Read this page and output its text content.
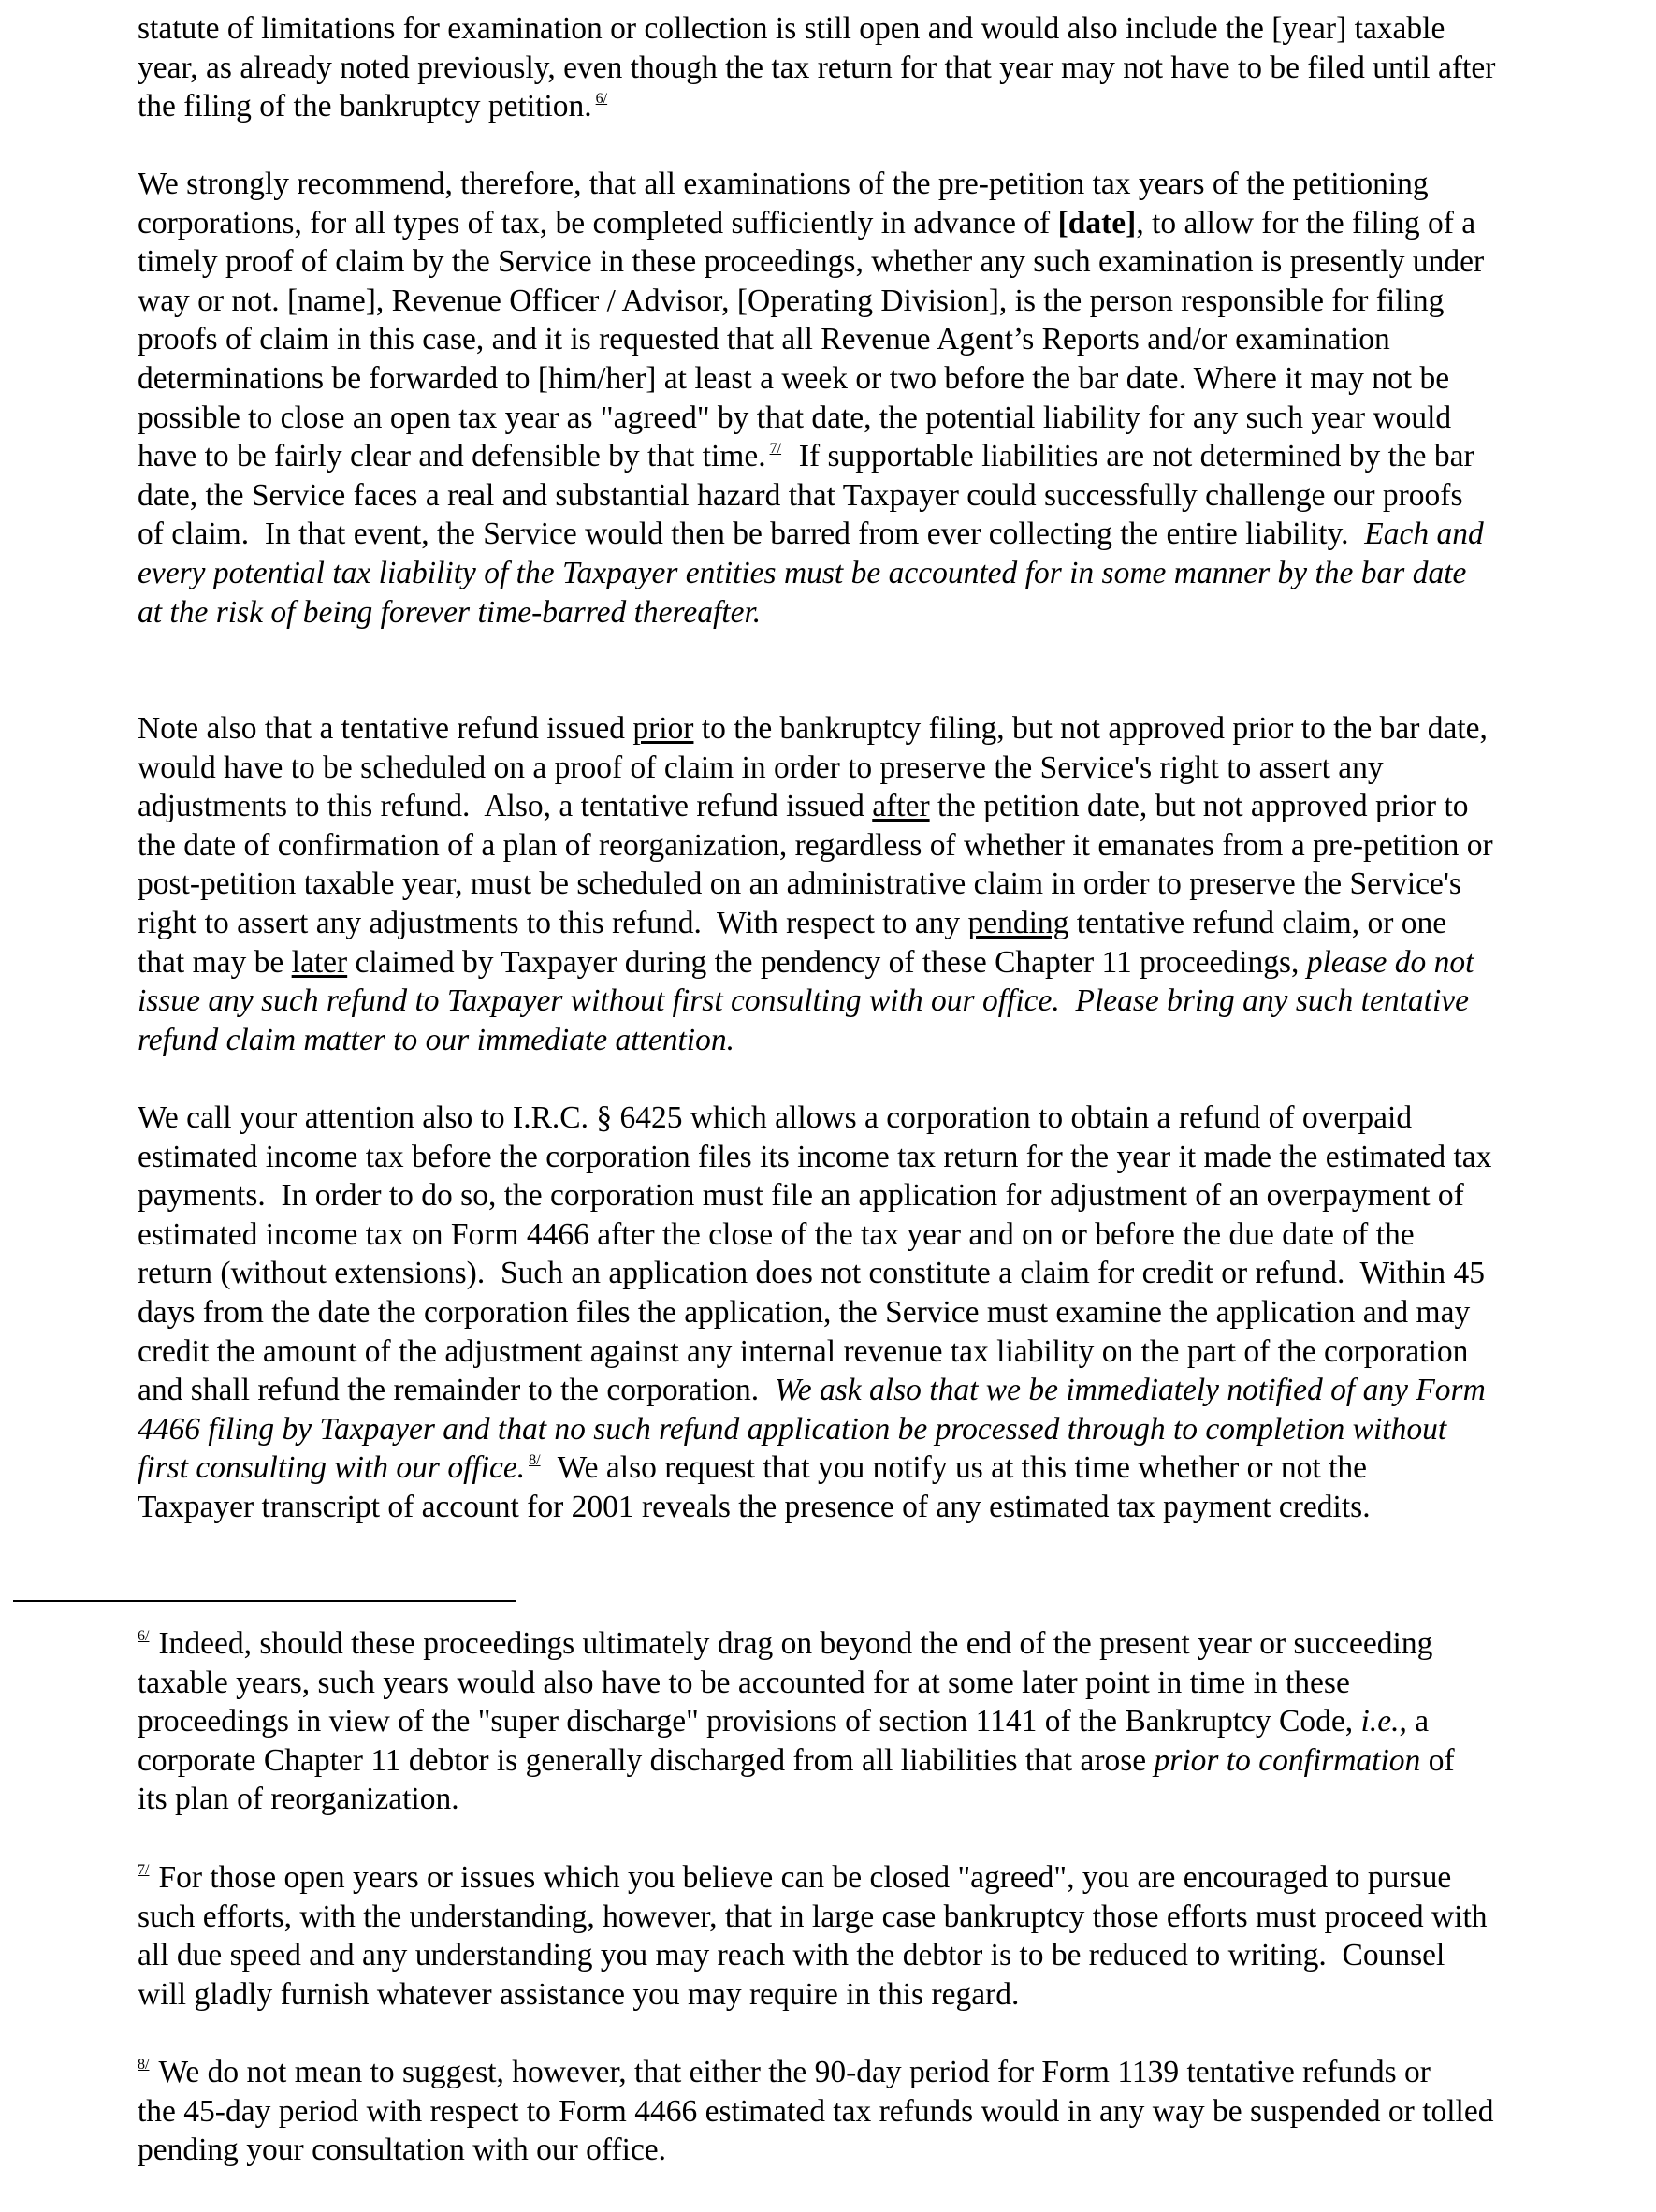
statute of limitations for examination or collection is still open and would also include the [year] taxable
year, as already noted previously, even though the tax return for that year may not have to be filed until after
the filing of the bankruptcy petition. $^{6/}$
We strongly recommend, therefore, that all examinations of the pre-petition tax years of the petitioning
corporations, for all types of tax, be completed sufficiently in advance of [date], to allow for the filing of a
timely proof of claim by the Service in these proceedings, whether any such examination is presently under
way or not. [name], Revenue Officer / Advisor, [Operating Division], is the person responsible for filing
proofs of claim in this case, and it is requested that all Revenue Agent’s Reports and/or examination
determinations be forwarded to [him/her] at least a week or two before the bar date. Where it may not be
possible to close an open tax year as "agreed" by that date, the potential liability for any such year would
have to be fairly clear and defensible by that time. $^{7/}$  If supportable liabilities are not determined by the bar
date, the Service faces a real and substantial hazard that Taxpayer could successfully challenge our proofs
of claim.  In that event, the Service would then be barred from ever collecting the entire liability.  Each and
every potential tax liability of the Taxpayer entities must be accounted for in some manner by the bar date
at the risk of being forever time-barred thereafter.
Note also that a tentative refund issued prior to the bankruptcy filing, but not approved prior to the bar date,
would have to be scheduled on a proof of claim in order to preserve the Service's right to assert any
adjustments to this refund.  Also, a tentative refund issued after the petition date, but not approved prior to
the date of confirmation of a plan of reorganization, regardless of whether it emanates from a pre-petition or
post-petition taxable year, must be scheduled on an administrative claim in order to preserve the Service's
right to assert any adjustments to this refund.  With respect to any pending tentative refund claim, or one
that may be later claimed by Taxpayer during the pendency of these Chapter 11 proceedings, please do not
issue any such refund to Taxpayer without first consulting with our office.  Please bring any such tentative
refund claim matter to our immediate attention.
We call your attention also to I.R.C. § 6425 which allows a corporation to obtain a refund of overpaid
estimated income tax before the corporation files its income tax return for the year it made the estimated tax
payments.  In order to do so, the corporation must file an application for adjustment of an overpayment of
estimated income tax on Form 4466 after the close of the tax year and on or before the due date of the
return (without extensions).  Such an application does not constitute a claim for credit or refund.  Within 45
days from the date the corporation files the application, the Service must examine the application and may
credit the amount of the adjustment against any internal revenue tax liability on the part of the corporation
and shall refund the remainder to the corporation.  We ask also that we be immediately notified of any Form
4466 filing by Taxpayer and that no such refund application be processed through to completion without
first consulting with our office. $^{8/}$  We also request that you notify us at this time whether or not the
Taxpayer transcript of account for 2001 reveals the presence of any estimated tax payment credits.
$^{6/}$ Indeed, should these proceedings ultimately drag on beyond the end of the present year or succeeding
taxable years, such years would also have to be accounted for at some later point in time in these
proceedings in view of the "super discharge" provisions of section 1141 of the Bankruptcy Code, i.e., a
corporate Chapter 11 debtor is generally discharged from all liabilities that arose prior to confirmation of
its plan of reorganization.
$^{7/}$ For those open years or issues which you believe can be closed "agreed", you are encouraged to pursue
such efforts, with the understanding, however, that in large case bankruptcy those efforts must proceed with
all due speed and any understanding you may reach with the debtor is to be reduced to writing.  Counsel
will gladly furnish whatever assistance you may require in this regard.
$^{8/}$ We do not mean to suggest, however, that either the 90-day period for Form 1139 tentative refunds or
the 45-day period with respect to Form 4466 estimated tax refunds would in any way be suspended or tolled
pending your consultation with our office.
